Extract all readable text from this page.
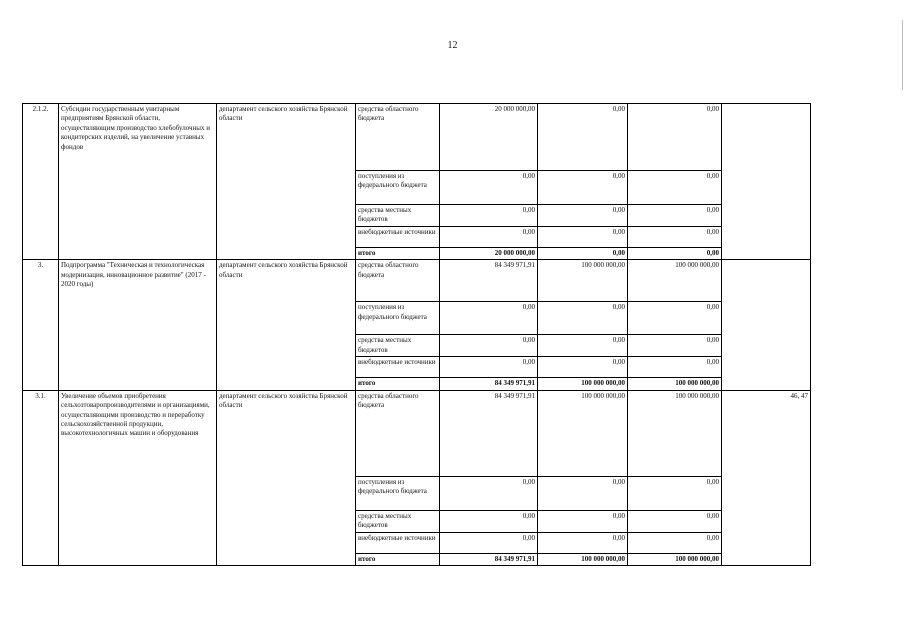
12
2.1.2.	Субсидии государственным унитарным предприятиям Брянской области, осуществляющим производство хлебобулочных и кондитерских изделий, на увеличение уставных фондов	департамент сельского хозяйства Брянской области	средства областного бюджета	20 000 000,00	0,00	0,00	
			поступления из федерального бюджета	0,00	0,00	0,00	
			средства местных бюджетов	0,00	0,00	0,00	
			внебюджетные источники	0,00	0,00	0,00	
			итого	20 000 000,00	0,00	0,00	
3.	Подпрограмма "Техническая и технологическая модернизация, инновационное развитие" (2017 - 2020 годы)	департамент сельского хозяйства Брянской области	средства областного бюджета	84 349 971,91	100 000 000,00	100 000 000,00	
			поступления из федерального бюджета	0,00	0,00	0,00	
			средства местных бюджетов	0,00	0,00	0,00	
			внебюджетные источники	0,00	0,00	0,00	
			итого	84 349 971,91	100 000 000,00	100 000 000,00	
3.1.	Увеличение объемов приобретения сельхозтоваропроизводителями и организациями, осуществляющими производство и переработку сельскохозяйственной продукции, высокотехнологичных машин и оборудования	департамент сельского хозяйства Брянской области	средства областного бюджета	84 349 971,91	100 000 000,00	100 000 000,00	46, 47
			поступления из федерального бюджета	0,00	0,00	0,00	
			средства местных бюджетов	0,00	0,00	0,00	
			внебюджетные источники	0,00	0,00	0,00	
			итого	84 349 971,91	100 000 000,00	100 000 000,00	
